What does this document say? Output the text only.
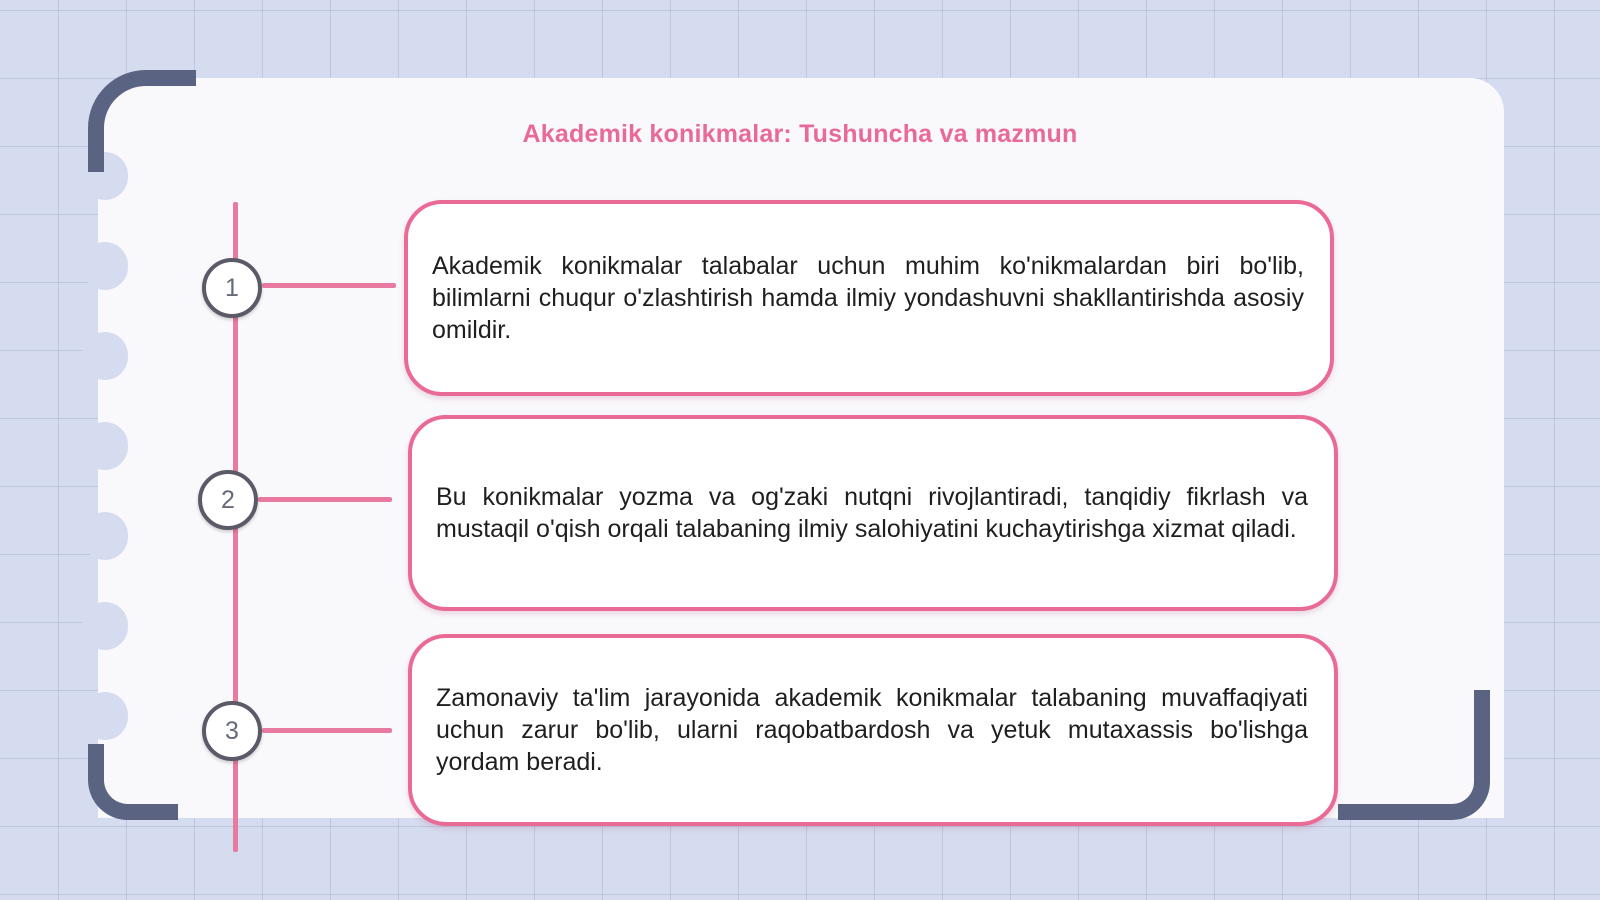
Akademik konikmalar: Tushuncha va mazmun
1

Akademik konikmalar talabalar uchun muhim ko'nikmalardan biri bo'lib, bilimlarni chuqur o'zlashtirish hamda ilmiy yondashuvni shakllantirishda asosiy omildir.

2	Bu konikmalar yozma va og'zaki nutqni rivojlantiradi, tanqidiy fikrlash va mustaqil o'qish orqali talabaning ilmiy salohiyatini kuchaytirishga xizmat qiladi.

3

Zamonaviy ta'lim jarayonida akademik konikmalar talabaning muvaffaqiyati uchun zarur bo'lib, ularni raqobatbardosh va yetuk mutaxassis bo'lishga yordam beradi.
